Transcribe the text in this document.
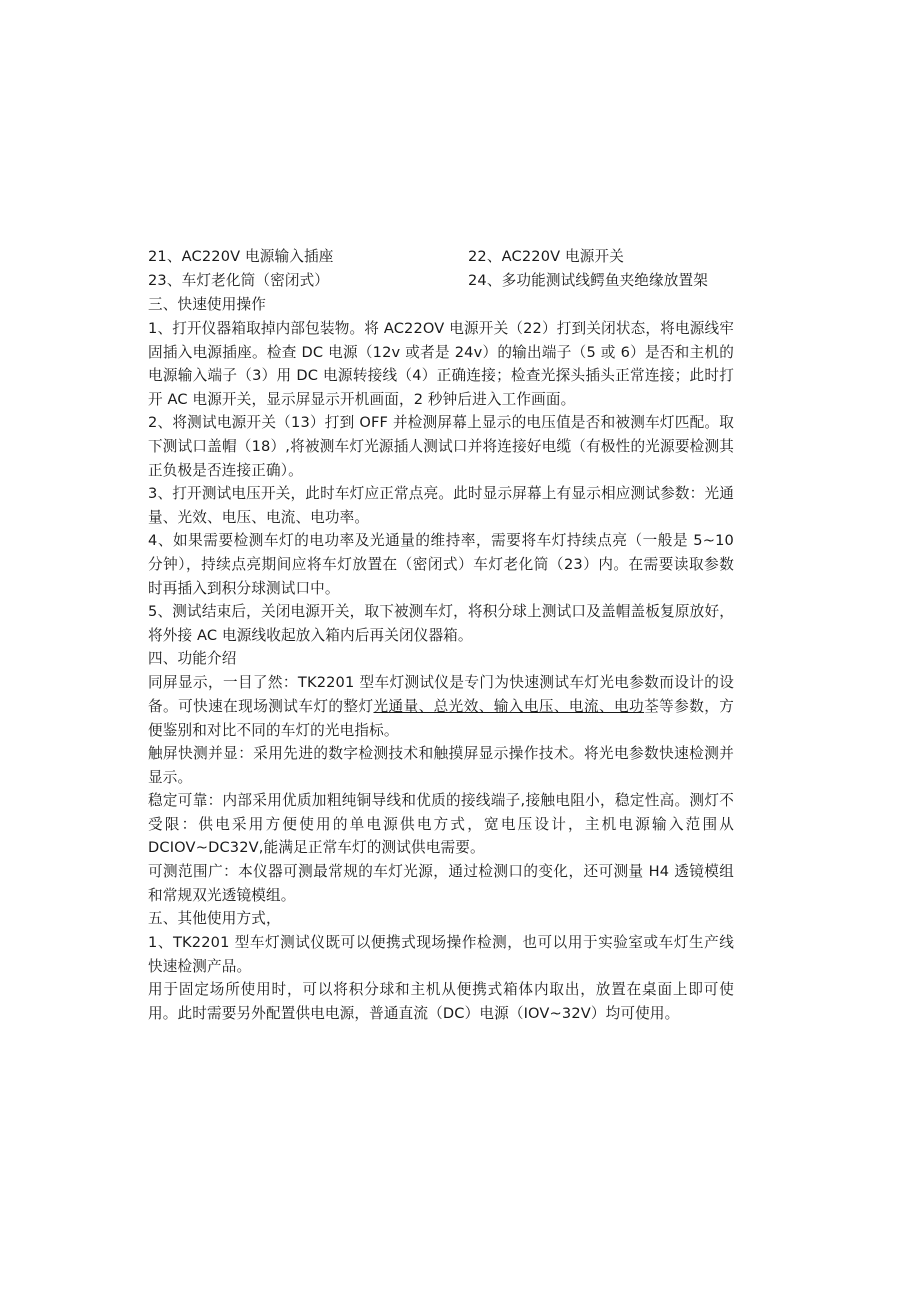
21、AC220V 电源输入插座	22、AC220V 电源开关
23、车灯老化筒（密闭式）	24、多功能测试线鳄鱼夹绝缘放置架
三、快速使用操作
1、打开仪器箱取掉内部包装物。将 AC22OV 电源开关（22）打到关闭状态，将电源线牢固插入电源插座。检查 DC 电源（12v 或者是 24v）的输出端子（5 或 6）是否和主机的电源输入端子（3）用 DC 电源转接线（4）正确连接；检查光探头插头正常连接；此时打开 AC 电源开关，显示屏显示开机画面，2 秒钟后进入工作画面。
2、将测试电源开关（13）打到 OFF 并检测屏幕上显示的电压值是否和被测车灯匹配。取下测试口盖帽（18）,将被测车灯光源插人测试口并将连接好电缆（有极性的光源要检测其正负极是否连接正确）。
3、打开测试电压开关，此时车灯应正常点亮。此时显示屏幕上有显示相应测试参数：光通量、光效、电压、电流、电功率。
4、如果需要检测车灯的电功率及光通量的维持率，需要将车灯持续点亮（一般是 5~10 分钟），持续点亮期间应将车灯放置在（密闭式）车灯老化筒（23）内。在需要读取参数时再插入到积分球测试口中。
5、测试结束后，关闭电源开关，取下被测车灯，将积分球上测试口及盖帽盖板复原放好，将外接 AC 电源线收起放入箱内后再关闭仪器箱。
四、功能介绍
同屏显示，一目了然：TK2201 型车灯测试仪是专门为快速测试车灯光电参数而设计的设备。可快速在现场测试车灯的整灯光通量、总光效、输入电压、电流、电功荃等参数，方便鉴别和对比不同的车灯的光电指标。
触屏快测并显：采用先进的数字检测技术和触摸屏显示操作技术。将光电参数快速检测并显示。
稳定可靠：内部采用优质加粗纯铜导线和优质的接线端子,接触电阻小，稳定性高。测灯不受限：供电采用方便使用的单电源供电方式，宽电压设计，主机电源输入范围从 DCIOV~DC32V,能满足正常车灯的测试供电需要。
可测范围广：本仪器可测最常规的车灯光源，通过检测口的变化，还可测量 H4 透镜模组和常规双光透镜模组。
五、其他使用方式，
1、TK2201 型车灯测试仪既可以便携式现场操作检测，也可以用于实验室或车灯生产线快速检测产品。
用于固定场所使用时，可以将积分球和主机从便携式箱体内取出，放置在桌面上即可使用。此时需要另外配置供电电源，普通直流（DC）电源（IOV~32V）均可使用。
